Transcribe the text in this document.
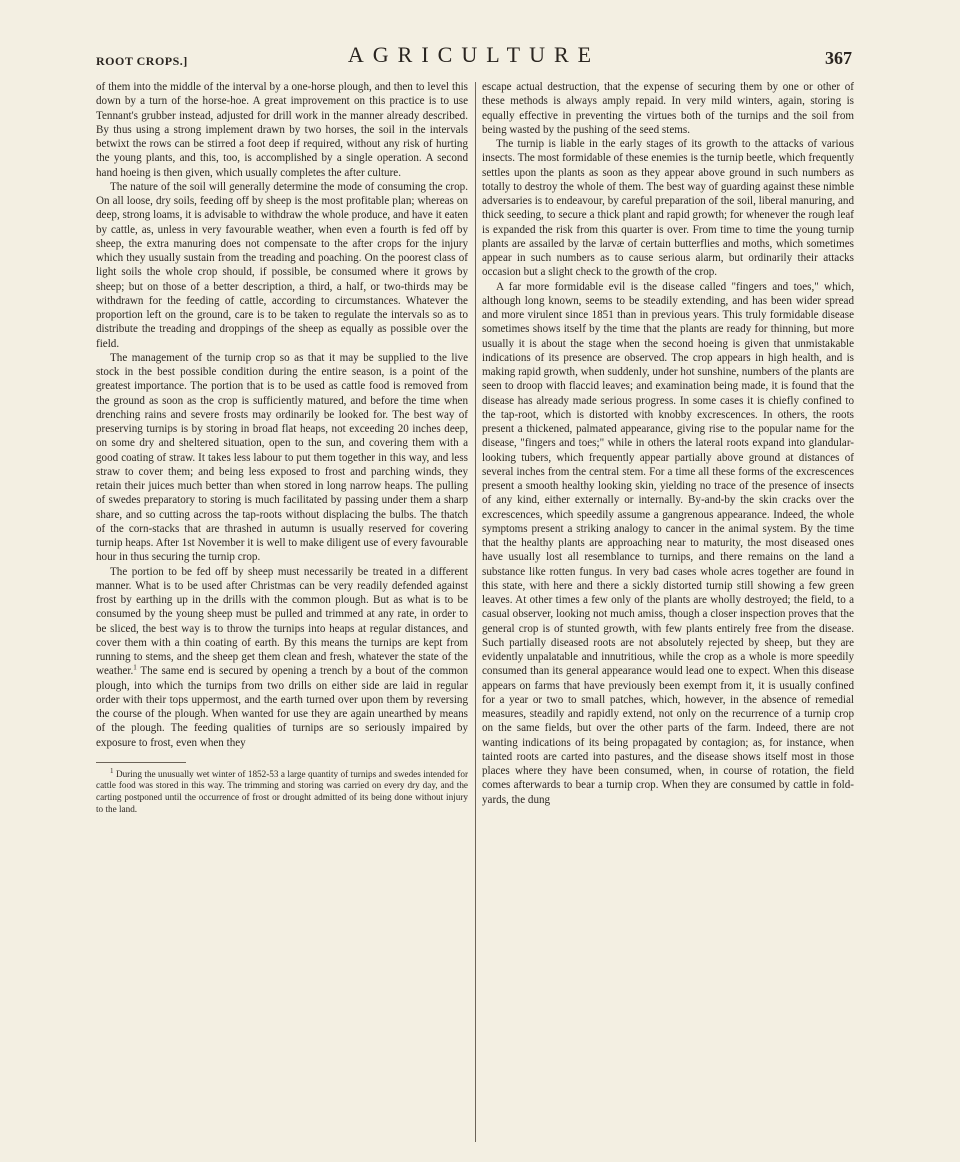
ROOT CROPS.]	AGRICULTURE	367

of them into the middle of the interval by a one-horse plough, and then to level this down by a turn of the horse-hoe. A great improvement on this practice is to use Tennant's grubber instead, adjusted for drill work in the manner already described. By thus using a strong implement drawn by two horses, the soil in the intervals betwixt the rows can be stirred a foot deep if required, without any risk of hurting the young plants, and this, too, is accomplished by a single operation. A second hand hoeing is then given, which usually completes the after culture.

The nature of the soil will generally determine the mode of consuming the crop. On all loose, dry soils, feeding off by sheep is the most profitable plan; whereas on deep, strong loams, it is advisable to withdraw the whole produce, and have it eaten by cattle, as, unless in very favourable weather, when even a fourth is fed off by sheep, the extra manuring does not compensate to the after crops for the injury which they usually sustain from the treading and poaching. On the poorest class of light soils the whole crop should, if possible, be consumed where it grows by sheep; but on those of a better description, a third, a half, or two-thirds may be withdrawn for the feeding of cattle, according to circumstances. Whatever the proportion left on the ground, care is to be taken to regulate the intervals so as to distribute the treading and droppings of the sheep as equally as possible over the field.

The management of the turnip crop so as that it may be supplied to the live stock in the best possible condition during the entire season, is a point of the greatest importance. The portion that is to be used as cattle food is removed from the ground as soon as the crop is sufficiently matured, and before the time when drenching rains and severe frosts may ordinarily be looked for. The best way of preserving turnips is by storing in broad flat heaps, not exceeding 20 inches deep, on some dry and sheltered situation, open to the sun, and covering them with a good coating of straw. It takes less labour to put them together in this way, and less straw to cover them; and being less exposed to frost and parching winds, they retain their juices much better than when stored in long narrow heaps. The pulling of swedes preparatory to storing is much facilitated by passing under them a sharp share, and so cutting across the tap-roots without displacing the bulbs. The thatch of the corn-stacks that are thrashed in autumn is usually reserved for covering turnip heaps. After 1st November it is well to make diligent use of every favourable hour in thus securing the turnip crop.

The portion to be fed off by sheep must necessarily be treated in a different manner. What is to be used after Christmas can be very readily defended against frost by earthing up in the drills with the common plough. But as what is to be consumed by the young sheep must be pulled and trimmed at any rate, in order to be sliced, the best way is to throw the turnips into heaps at regular distances, and cover them with a thin coating of earth. By this means the turnips are kept from running to stems, and the sheep get them clean and fresh, whatever the state of the weather.$^1$ The same end is secured by opening a trench by a bout of the common plough, into which the turnips from two drills on either side are laid in regular order with their tops uppermost, and the earth turned over upon them by reversing the course of the plough. When wanted for use they are again unearthed by means of the plough. The feeding qualities of turnips are so seriously impaired by exposure to frost, even when they

$^1$ During the unusually wet winter of 1852-53 a large quantity of turnips and swedes intended for cattle food was stored in this way. The trimming and storing was carried on every dry day, and the carting postponed until the occurrence of frost or drought admitted of its being done without injury to the land.

escape actual destruction, that the expense of securing them by one or other of these methods is always amply repaid. In very mild winters, again, storing is equally effective in preventing the virtues both of the turnips and the soil from being wasted by the pushing of the seed stems.

The turnip is liable in the early stages of its growth to the attacks of various insects. The most formidable of these enemies is the turnip beetle, which frequently settles upon the plants as soon as they appear above ground in such numbers as totally to destroy the whole of them. The best way of guarding against these nimble adversaries is to endeavour, by careful preparation of the soil, liberal manuring, and thick seeding, to secure a thick plant and rapid growth; for whenever the rough leaf is expanded the risk from this quarter is over. From time to time the young turnip plants are assailed by the larvæ of certain butterflies and moths, which sometimes appear in such numbers as to cause serious alarm, but ordinarily their attacks occasion but a slight check to the growth of the crop.

A far more formidable evil is the disease called "fingers and toes," which, although long known, seems to be steadily extending, and has been wider spread and more virulent since 1851 than in previous years. This truly formidable disease sometimes shows itself by the time that the plants are ready for thinning, but more usually it is about the stage when the second hoeing is given that unmistakable indications of its presence are observed. The crop appears in high health, and is making rapid growth, when suddenly, under hot sunshine, numbers of the plants are seen to droop with flaccid leaves; and examination being made, it is found that the disease has already made serious progress. In some cases it is chiefly confined to the tap-root, which is distorted with knobby excrescences. In others, the roots present a thickened, palmated appearance, giving rise to the popular name for the disease, "fingers and toes;" while in others the lateral roots expand into glandular-looking tubers, which frequently appear partially above ground at distances of several inches from the central stem. For a time all these forms of the excrescences present a smooth healthy looking skin, yielding no trace of the presence of insects of any kind, either externally or internally. By-and-by the skin cracks over the excrescences, which speedily assume a gangrenous appearance. Indeed, the whole symptoms present a striking analogy to cancer in the animal system. By the time that the healthy plants are approaching near to maturity, the most diseased ones have usually lost all resemblance to turnips, and there remains on the land a substance like rotten fungus. In very bad cases whole acres together are found in this state, with here and there a sickly distorted turnip still showing a few green leaves. At other times a few only of the plants are wholly destroyed; the field, to a casual observer, looking not much amiss, though a closer inspection proves that the general crop is of stunted growth, with few plants entirely free from the disease. Such partially diseased roots are not absolutely rejected by sheep, but they are evidently unpalatable and innutritious, while the crop as a whole is more speedily consumed than its general appearance would lead one to expect. When this disease appears on farms that have previously been exempt from it, it is usually confined for a year or two to small patches, which, however, in the absence of remedial measures, steadily and rapidly extend, not only on the recurrence of a turnip crop on the same fields, but over the other parts of the farm. Indeed, there are not wanting indications of its being propagated by contagion; as, for instance, when tainted roots are carted into pastures, and the disease shows itself most in those places where they have been consumed, when, in course of rotation, the field comes afterwards to bear a turnip crop. When they are consumed by cattle in fold-yards, the dung
